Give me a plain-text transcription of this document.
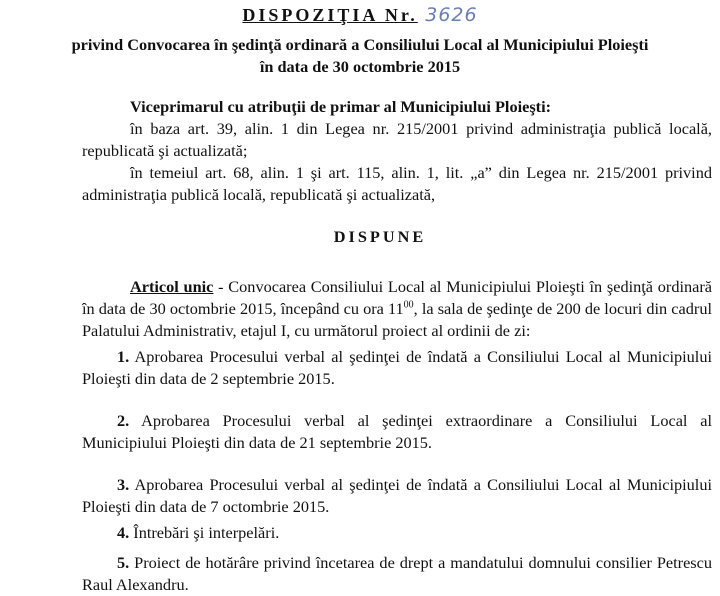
DISPOZIŢIA Nr. 3626
privind Convocarea în şedinţă ordinară a Consiliului Local al Municipiului Ploieşti
în data de 30 octombrie 2015
Viceprimarul cu atribuţii de primar al Municipiului Ploieşti:
în baza art. 39, alin. 1 din Legea nr. 215/2001 privind administraţia publică locală, republicată şi actualizată;
în temeiul art. 68, alin. 1 şi art. 115, alin. 1, lit. „a” din Legea nr. 215/2001 privind administraţia publică locală, republicată şi actualizată,
DISPUNE
Articol unic - Convocarea Consiliului Local al Municipiului Ploieşti în şedinţă ordinară în data de 30 octombrie 2015, începând cu ora $11^{00}$, la sala de şedinţe de 200 de locuri din cadrul Palatului Administrativ, etajul I, cu următorul proiect al ordinii de zi:
1. Aprobarea Procesului verbal al şedinţei de îndată a Consiliului Local al Municipiului Ploieşti din data de 2 septembrie 2015.
2. Aprobarea Procesului verbal al şedinţei extraordinare a Consiliului Local al Municipiului Ploieşti din data de 21 septembrie 2015.
3. Aprobarea Procesului verbal al şedinţei de îndată a Consiliului Local al Municipiului Ploieşti din data de 7 octombrie 2015.
4. Întrebări şi interpelări.
5. Proiect de hotărâre privind încetarea de drept a mandatului domnului consilier Petrescu Raul Alexandru.
